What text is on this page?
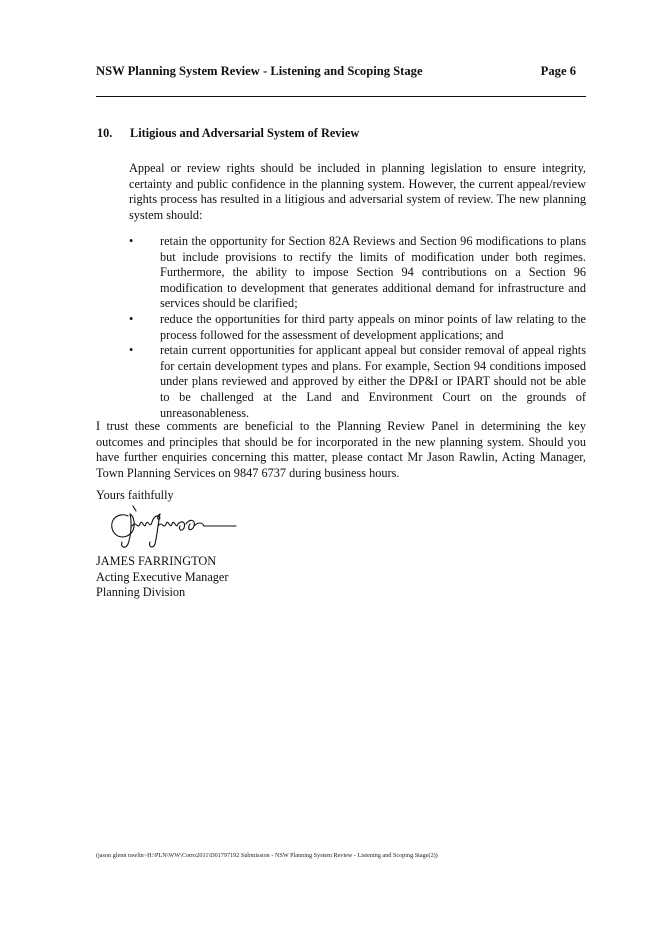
NSW Planning System Review - Listening and Scoping Stage	Page 6
10. Litigious and Adversarial System of Review

Appeal or review rights should be included in planning legislation to ensure integrity, certainty and public confidence in the planning system. However, the current appeal/review rights process has resulted in a litigious and adversarial system of review. The new planning system should:

•	retain the opportunity for Section 82A Reviews and Section 96 modifications to plans but include provisions to rectify the limits of modification under both regimes. Furthermore, the ability to impose Section 94 contributions on a Section 96 modification to development that generates additional demand for infrastructure and services should be clarified;
•	reduce the opportunities for third party appeals on minor points of law relating to the process followed for the assessment of development applications; and
•	retain current opportunities for applicant appeal but consider removal of appeal rights for certain development types and plans. For example, Section 94 conditions imposed under plans reviewed and approved by either the DP&I or IPART should not be able to be challenged at the Land and Environment Court on the grounds of unreasonableness.

I trust these comments are beneficial to the Planning Review Panel in determining the key outcomes and principles that should be for incorporated in the new planning system. Should you have further enquiries concerning this matter, please contact Mr Jason Rawlin, Acting Manager, Town Planning Services on 9847 6737 during business hours.

Yours faithfully
JAMES FARRINGTON
Acting Executive Manager
Planning Division
(jason glenn rawlin~H:\PLN\WW\Corro2011\D01797192 Submission - NSW Planning System Review - Listening and Scoping Stage(2))
